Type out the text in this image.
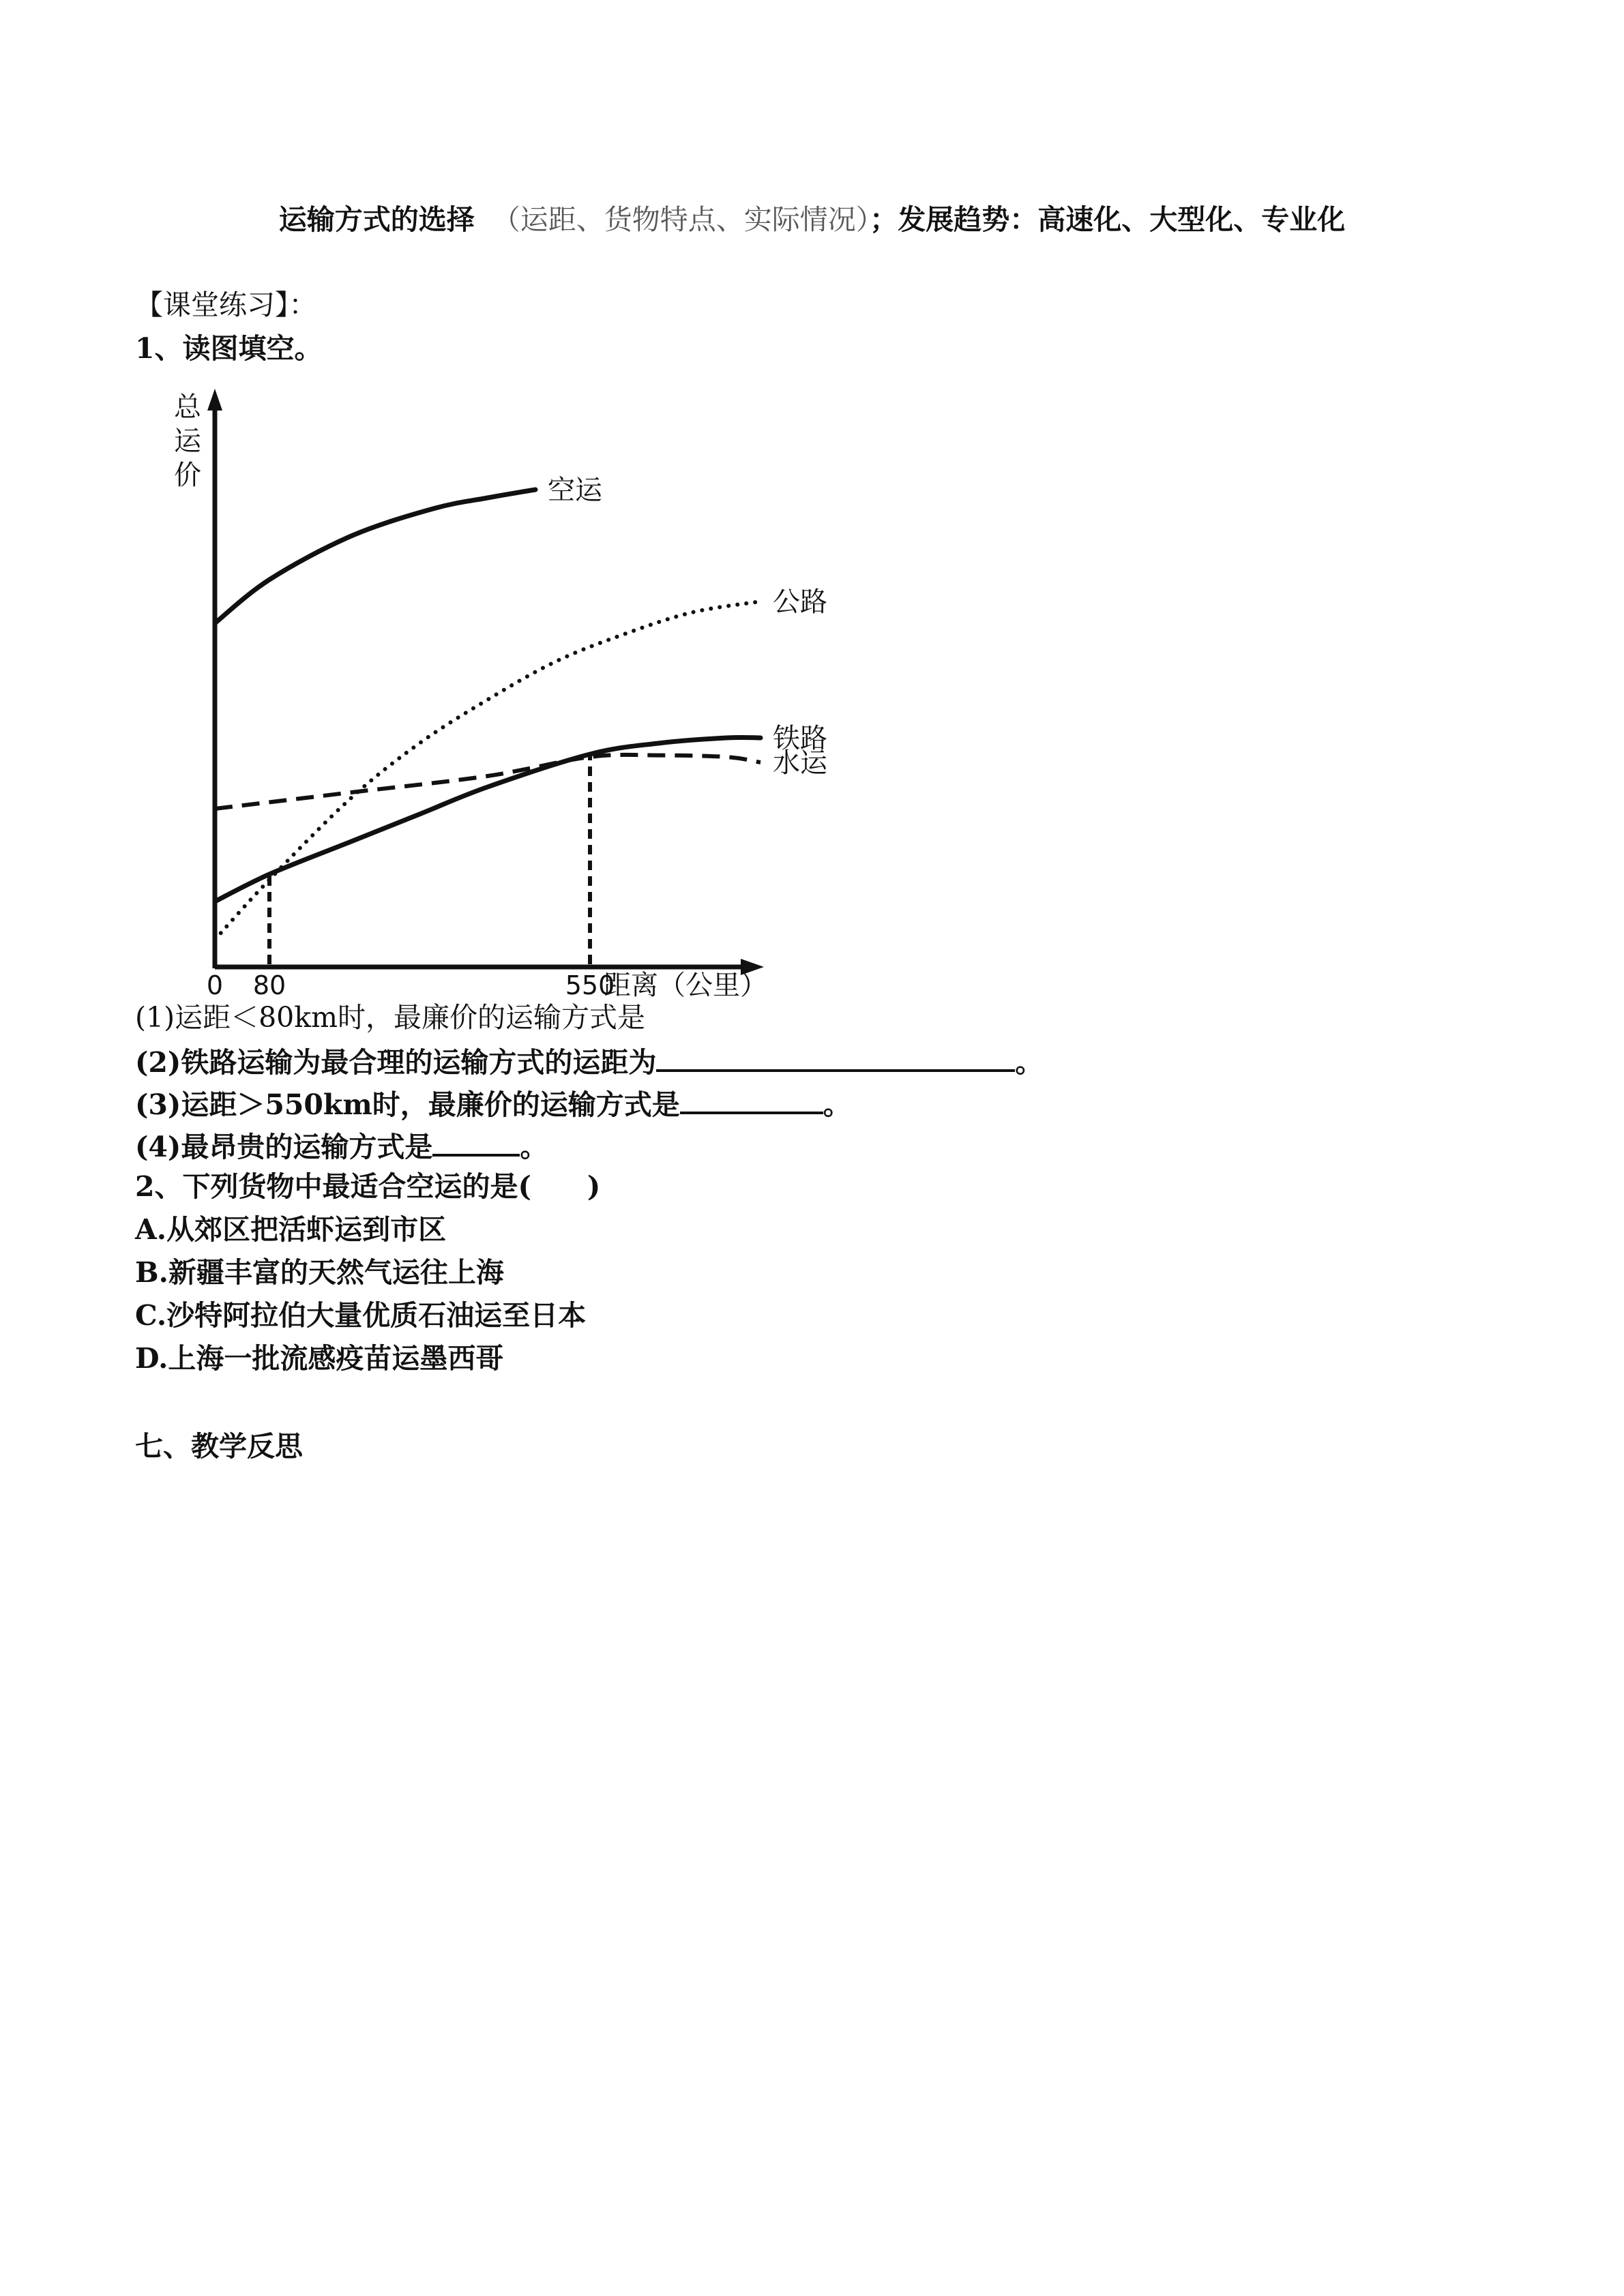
运输方式的选择 （运距、货物特点、实际情况）；发展趋势：高速化、大型化、专业化
【课堂练习】：
1、读图填空。
总
运
价	空运
公路
铁路
水运
0 80	550
距离（公里）
(1)运距＜80km时，最廉价的运输方式是
(2)铁路运输为最合理的运输方式的运距为	。
(3)运距＞550km时，最廉价的运输方式是	。
(4)最昂贵的运输方式是	。
2、下列货物中最适合空运的是(　　)
A.从郊区把活虾运到市区
B.新疆丰富的天然气运往上海
C.沙特阿拉伯大量优质石油运至日本
D.上海一批流感疫苗运墨西哥
七、教学反思
